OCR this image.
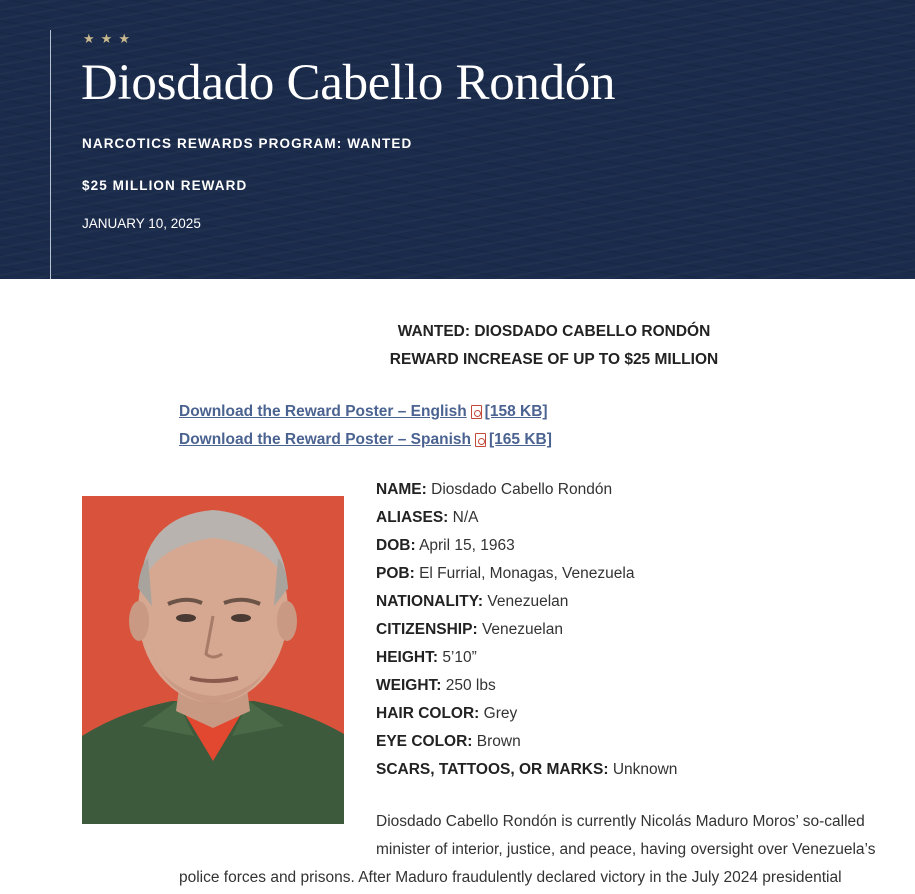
★ ★ ★
Diosdado Cabello Rondón
NARCOTICS REWARDS PROGRAM: WANTED
$25 MILLION REWARD
JANUARY 10, 2025
WANTED: DIOSDADO CABELLO RONDÓN
REWARD INCREASE OF UP TO $25 MILLION
Download the Reward Poster – English [158 KB]
Download the Reward Poster – Spanish [165 KB]
NAME: Diosdado Cabello Rondón
ALIASES: N/A
DOB: April 15, 1963
POB: El Furrial, Monagas, Venezuela
NATIONALITY: Venezuelan
CITIZENSHIP: Venezuelan
HEIGHT: 5’10”
WEIGHT: 250 lbs
HAIR COLOR: Grey
EYE COLOR: Brown
SCARS, TATTOOS, OR MARKS: Unknown

Diosdado Cabello Rondón is currently Nicolás Maduro Moros’ so-called

minister of interior, justice, and peace, having oversight over Venezuela’s

police forces and prisons. After Maduro fraudulently declared victory in the July 2024 presidential
